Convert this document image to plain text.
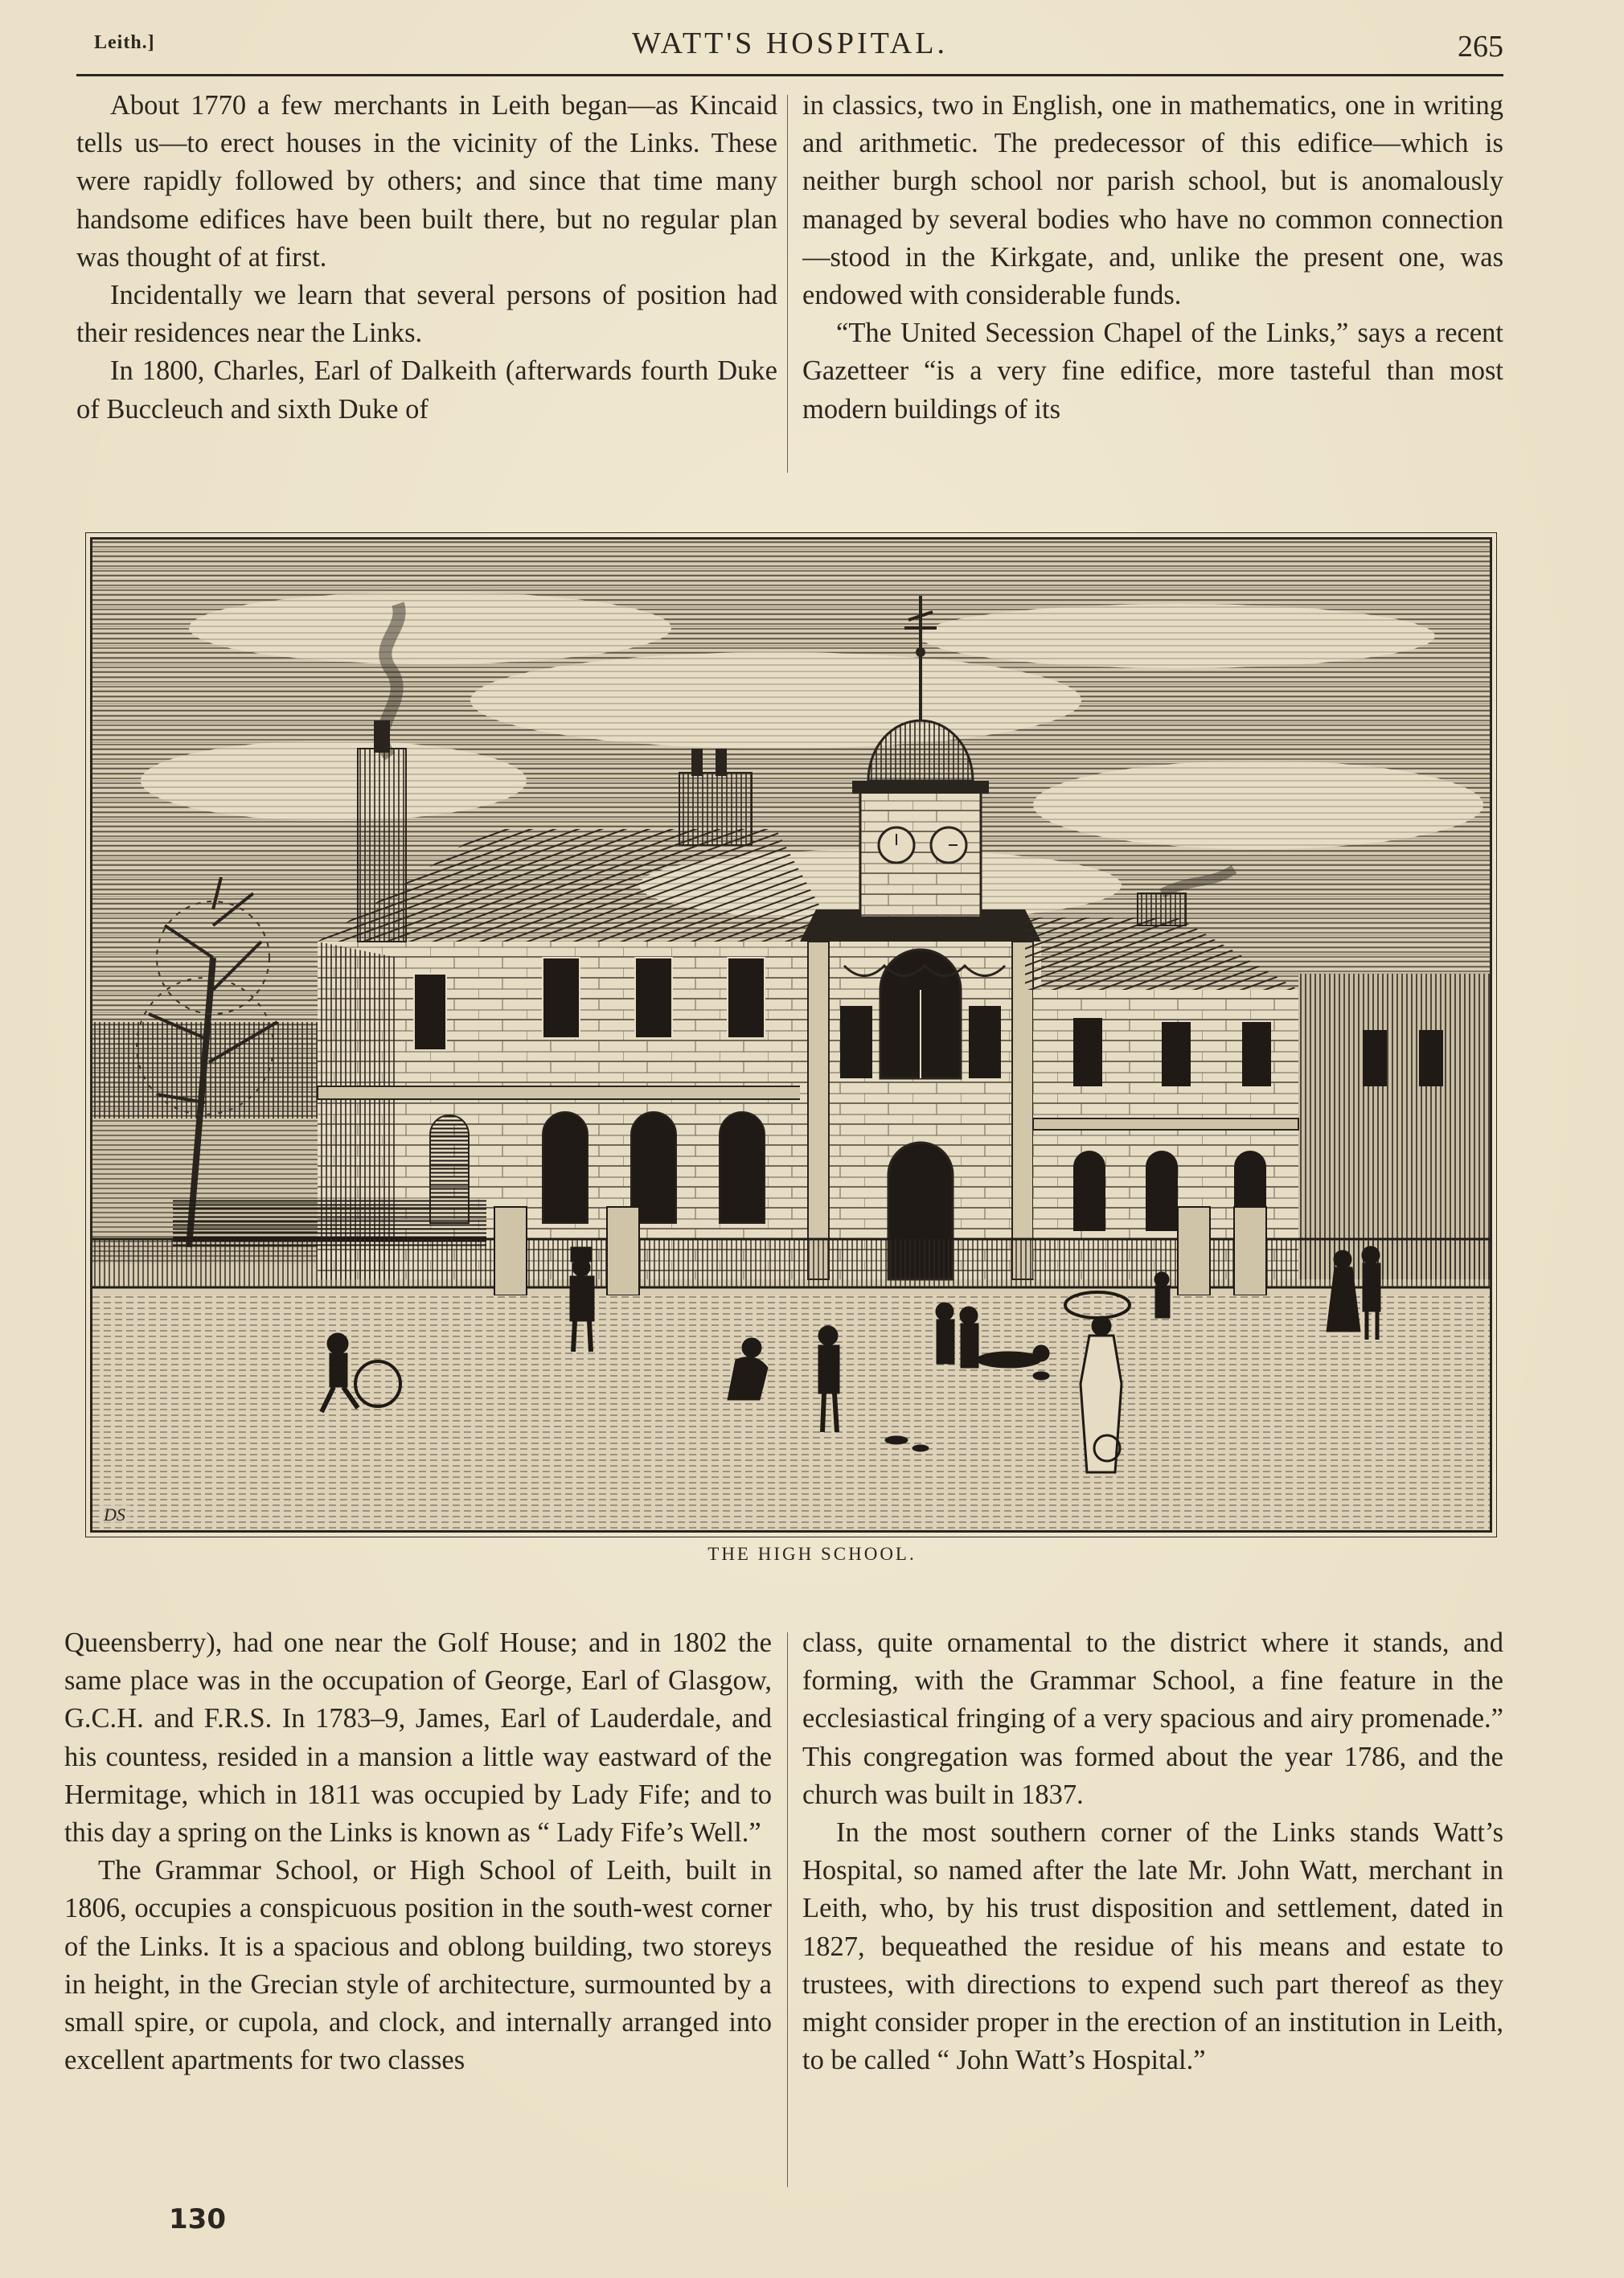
Leith.]	WATT'S HOSPITAL.	265

About 1770 a few merchants in Leith began—as Kincaid tells us—to erect houses in the vicinity of the Links. These were rapidly followed by others; and since that time many handsome edifices have been built there, but no regular plan was thought of at first.

Incidentally we learn that several persons of position had their residences near the Links.

In 1800, Charles, Earl of Dalkeith (afterwards fourth Duke of Buccleuch and sixth Duke of

in classics, two in English, one in mathematics, one in writing and arithmetic. The predecessor of this edifice—which is neither burgh school nor parish school, but is anomalously managed by several bodies who have no common connection—stood in the Kirkgate, and, unlike the present one, was endowed with considerable funds.

“The United Secession Chapel of the Links,” says a recent Gazetteer “is a very fine edifice, more tasteful than most modern buildings of its

DS
THE HIGH SCHOOL.

Queensberry), had one near the Golf House; and in 1802 the same place was in the occupation of George, Earl of Glasgow, G.C.H. and F.R.S. In 1783–9, James, Earl of Lauderdale, and his countess, resided in a mansion a little way eastward of the Hermitage, which in 1811 was occupied by Lady Fife; and to this day a spring on the Links is known as “ Lady Fife’s Well.”

The Grammar School, or High School of Leith, built in 1806, occupies a conspicuous position in the south-west corner of the Links. It is a spacious and oblong building, two storeys in height, in the Grecian style of architecture, surmounted by a small spire, or cupola, and clock, and internally arranged into excellent apartments for two classes

class, quite ornamental to the district where it stands, and forming, with the Grammar School, a fine feature in the ecclesiastical fringing of a very spacious and airy promenade.” This congregation was formed about the year 1786, and the church was built in 1837.

In the most southern corner of the Links stands Watt’s Hospital, so named after the late Mr. John Watt, merchant in Leith, who, by his trust disposition and settlement, dated in 1827, bequeathed the residue of his means and estate to trustees, with directions to expend such part thereof as they might consider proper in the erection of an institution in Leith, to be called “ John Watt’s Hospital.”

130
